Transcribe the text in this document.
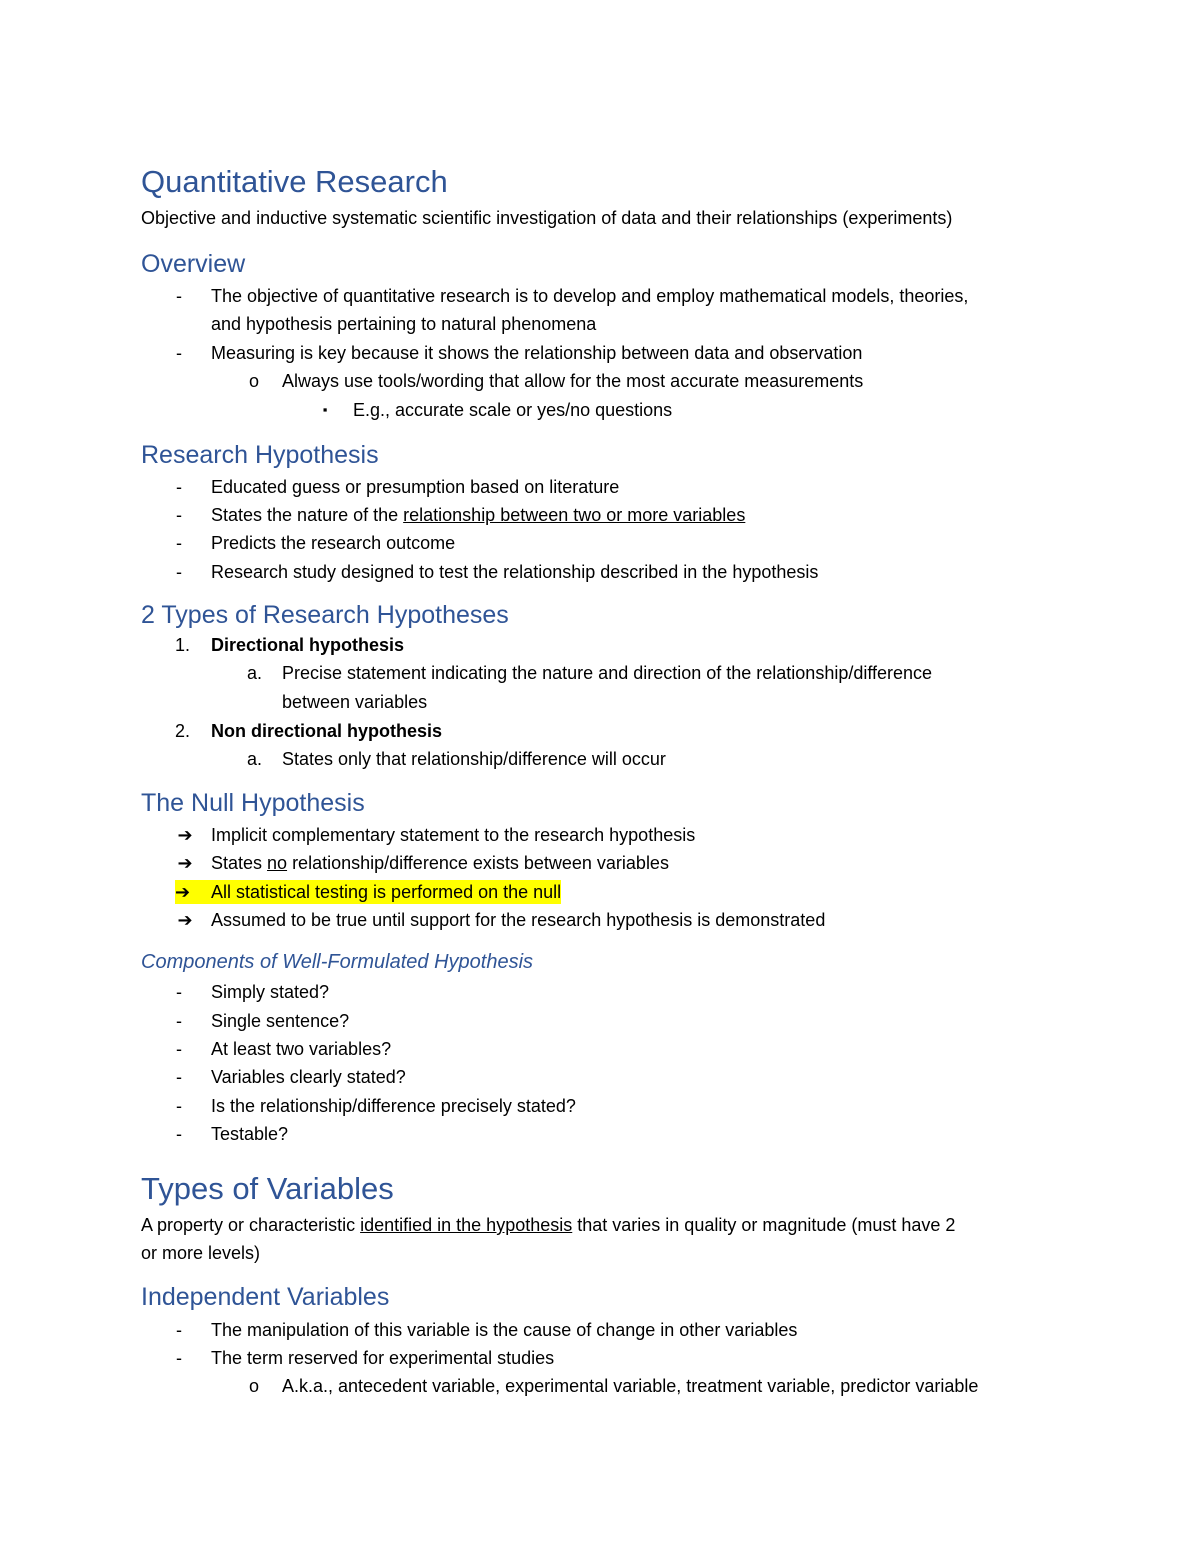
Quantitative Research
Objective and inductive systematic scientific investigation of data and their relationships (experiments)
Overview
-	The objective of quantitative research is to develop and employ mathematical models, theories,
and hypothesis pertaining to natural phenomena
-	Measuring is key because it shows the relationship between data and observation
o Always use tools/wording that allow for the most accurate measurements
▪	E.g., accurate scale or yes/no questions
Research Hypothesis
-	Educated guess or presumption based on literature
-	States the nature of the relationship between two or more variables
-	Predicts the research outcome
-	Research study designed to test the relationship described in the hypothesis
2 Types of Research Hypotheses
1. Directional hypothesis
a. Precise statement indicating the nature and direction of the relationship/difference
between variables
2. Non directional hypothesis
a. States only that relationship/difference will occur
The Null Hypothesis
➔ Implicit complementary statement to the research hypothesis
➔ States no relationship/difference exists between variables
➔	All statistical testing is performed on the null
➔ Assumed to be true until support for the research hypothesis is demonstrated
Components of Well-Formulated Hypothesis
-	Simply stated?
-	Single sentence?
-	At least two variables?
-	Variables clearly stated?
-	Is the relationship/difference precisely stated?
-	Testable?
Types of Variables
A property or characteristic identified in the hypothesis that varies in quality or magnitude (must have 2
or more levels)
Independent Variables
-	The manipulation of this variable is the cause of change in other variables
-	The term reserved for experimental studies
o A.k.a., antecedent variable, experimental variable, treatment variable, predictor variable
